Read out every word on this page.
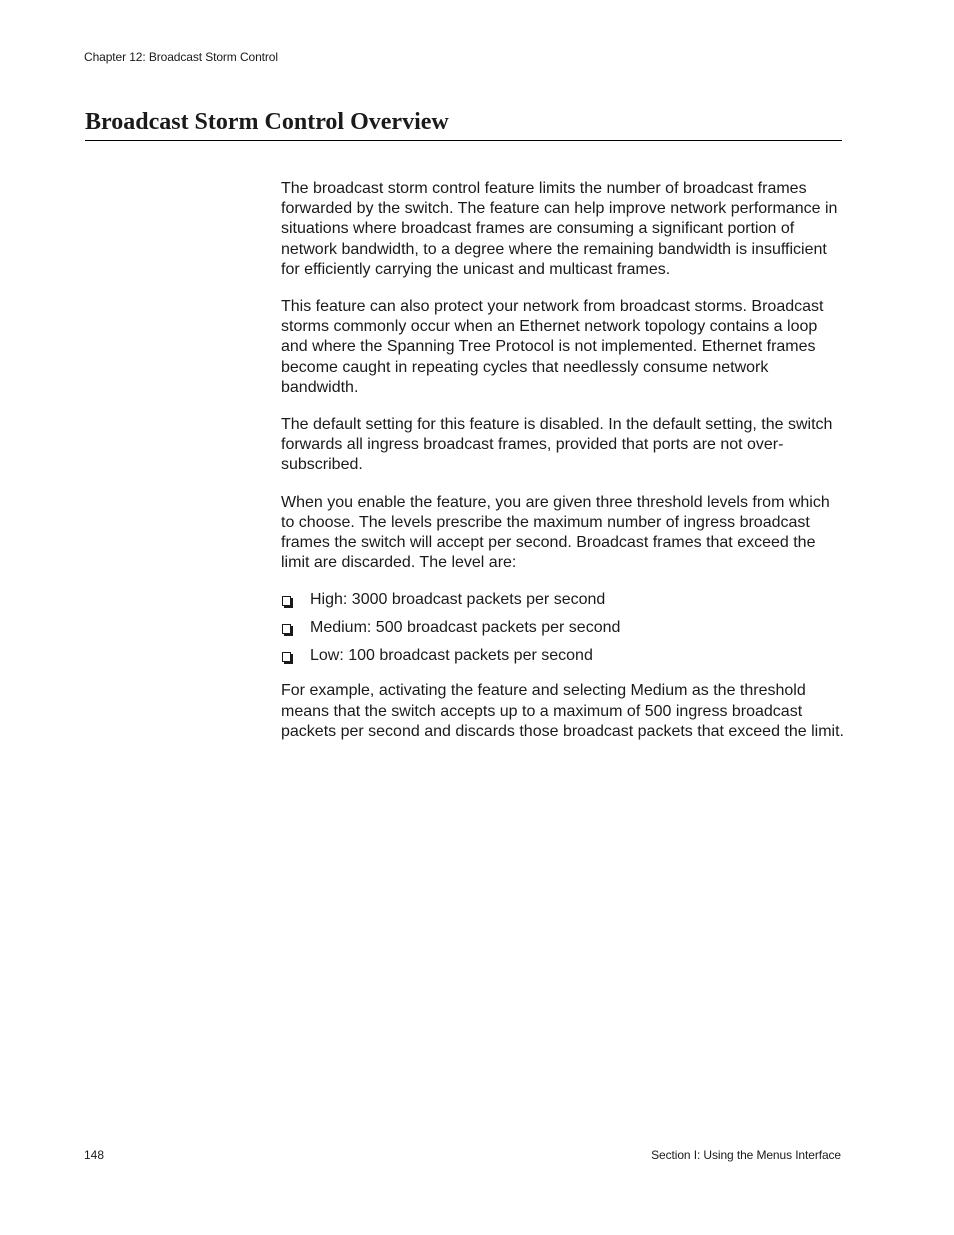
Chapter 12: Broadcast Storm Control
Broadcast Storm Control Overview

The broadcast storm control feature limits the number of broadcast frames forwarded by the switch. The feature can help improve network performance in situations where broadcast frames are consuming a significant portion of network bandwidth, to a degree where the remaining bandwidth is insufficient for efficiently carrying the unicast and multicast frames.

This feature can also protect your network from broadcast storms. Broadcast storms commonly occur when an Ethernet network topology contains a loop and where the Spanning Tree Protocol is not implemented. Ethernet frames become caught in repeating cycles that needlessly consume network bandwidth.

The default setting for this feature is disabled. In the default setting, the switch forwards all ingress broadcast frames, provided that ports are not over-subscribed.

When you enable the feature, you are given three threshold levels from which to choose. The levels prescribe the maximum number of ingress broadcast frames the switch will accept per second. Broadcast frames that exceed the limit are discarded. The level are:

High: 3000 broadcast packets per second
Medium: 500 broadcast packets per second
Low: 100 broadcast packets per second

For example, activating the feature and selecting Medium as the threshold means that the switch accepts up to a maximum of 500 ingress broadcast packets per second and discards those broadcast packets that exceed the limit.

148	Section I: Using the Menus Interface
